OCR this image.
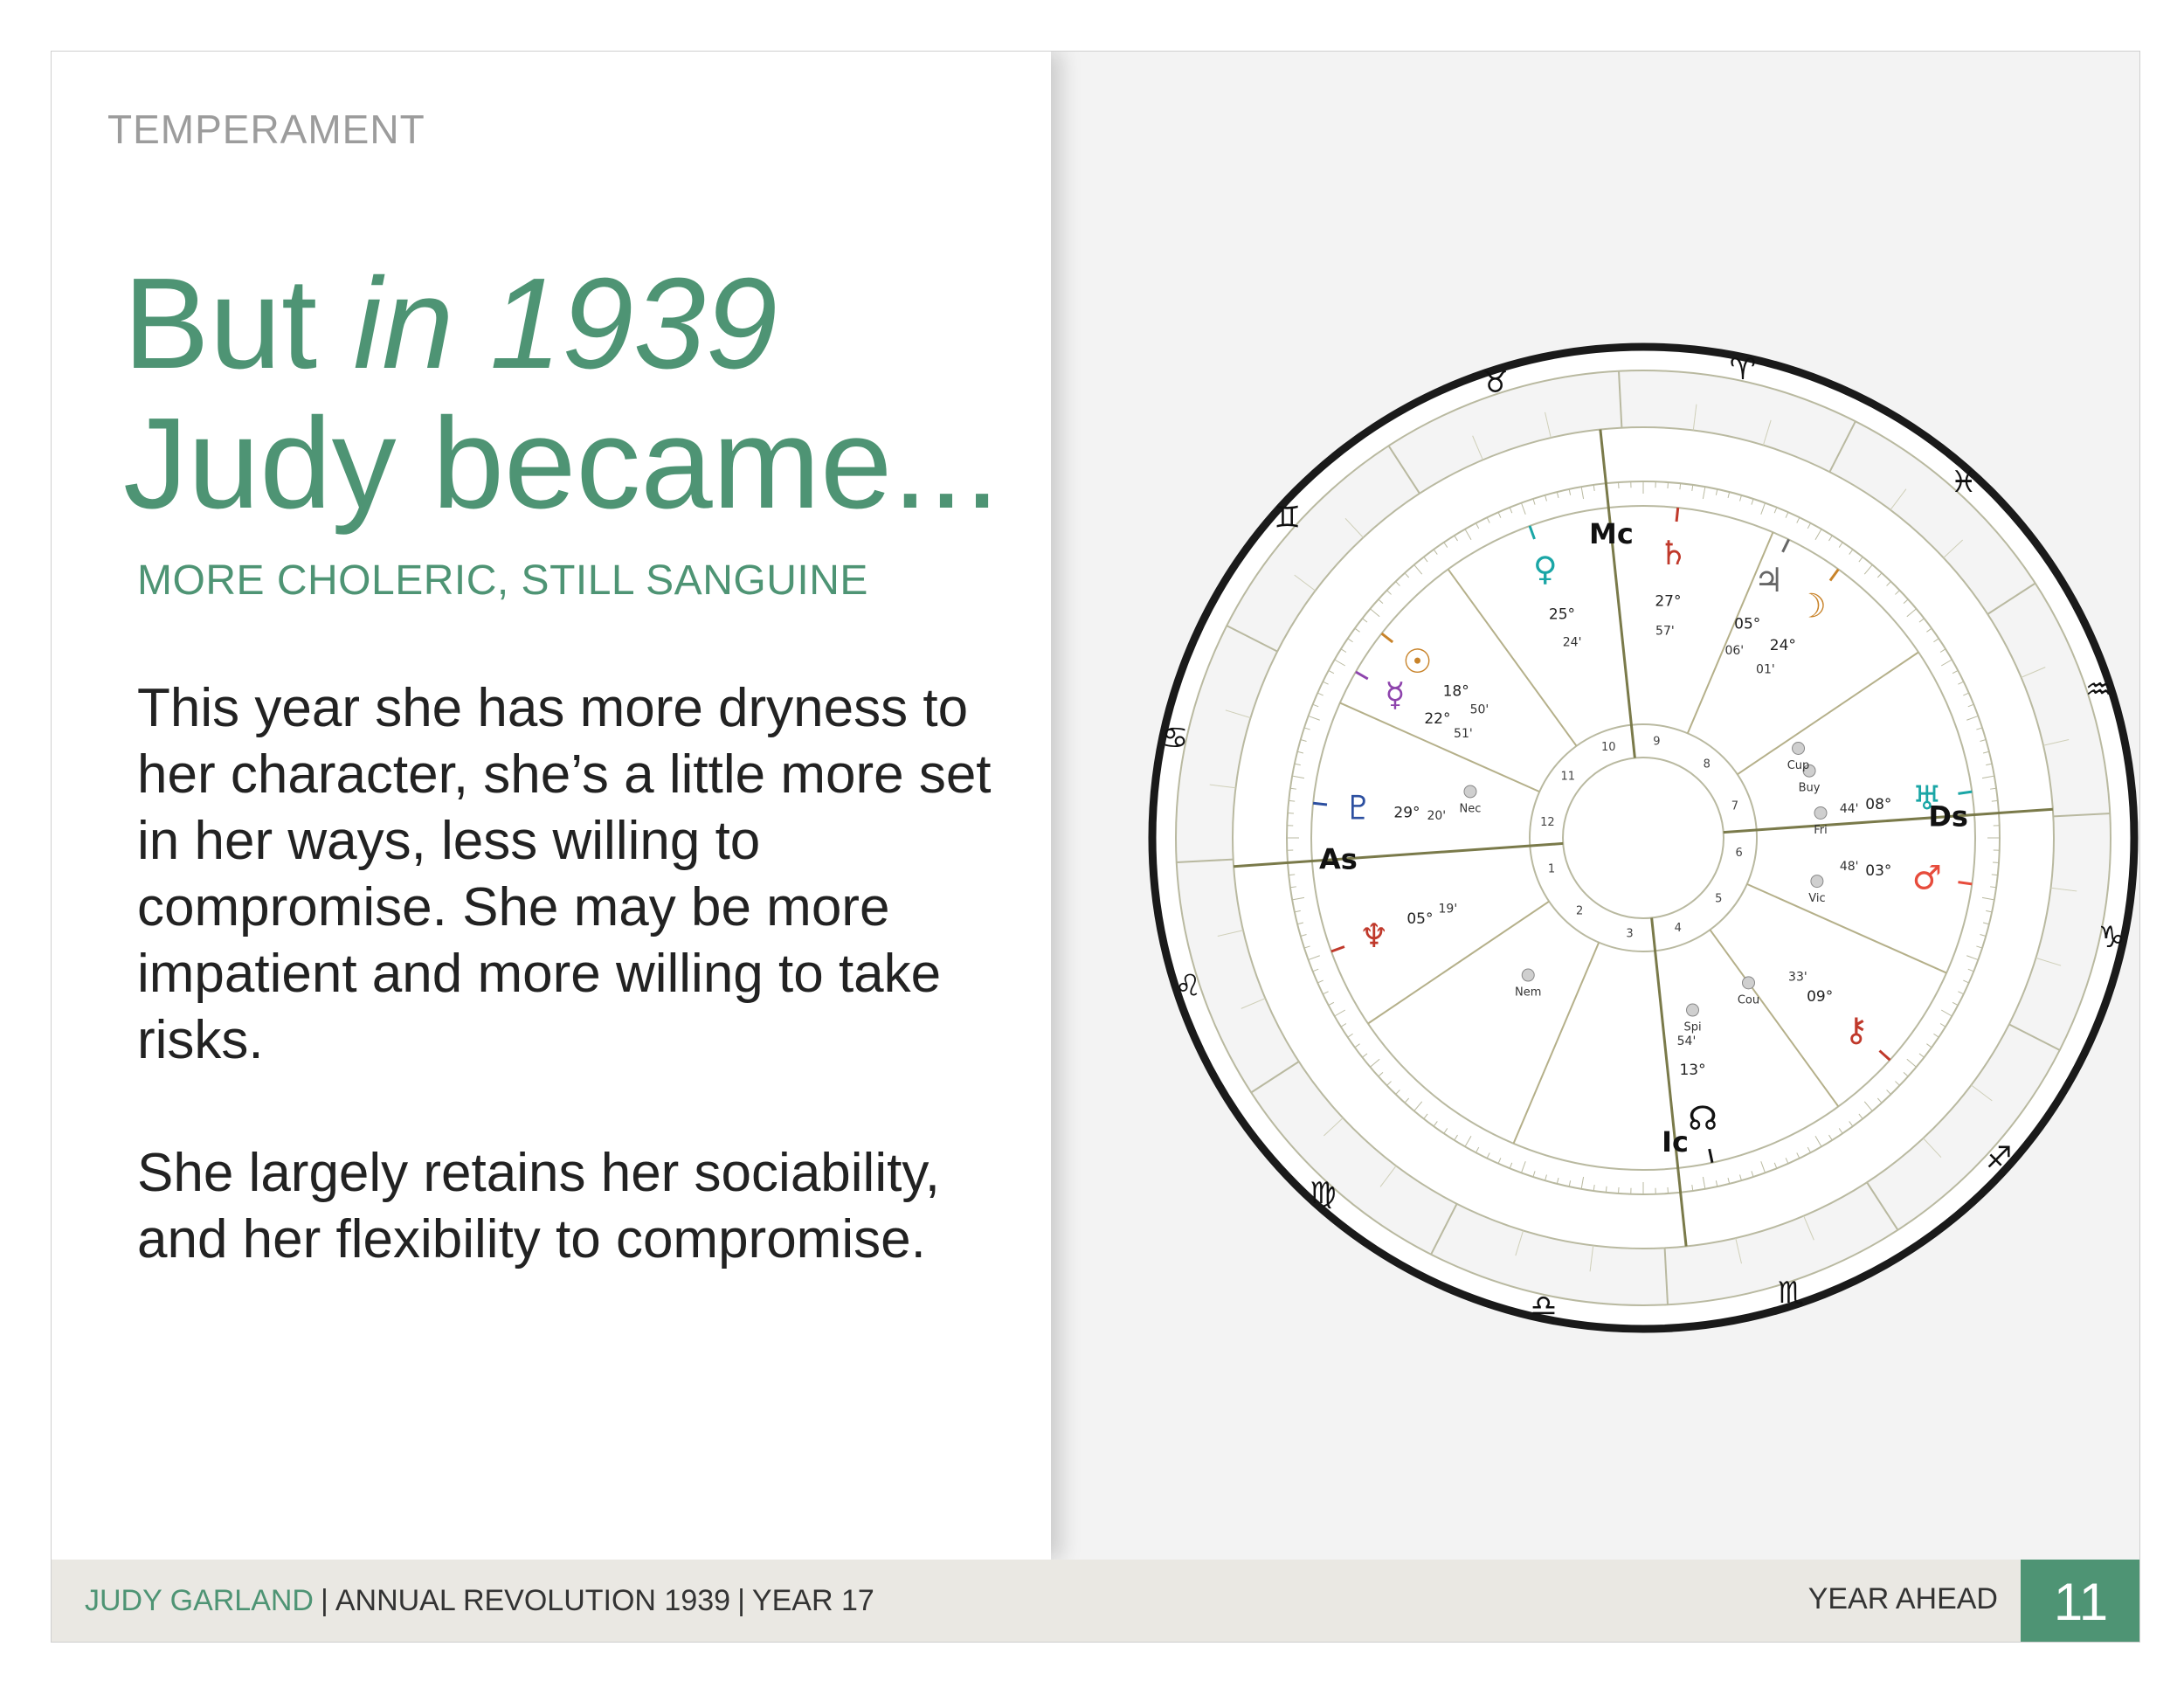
TEMPERAMENT
But in 1939
Judy became...
MORE CHOLERIC, STILL SANGUINE

This year she has more dryness to her character, she’s a little more set in her ways, less willing to compromise. She may be more impatient and more willing to take risks.

She largely retains her sociability, and her flexibility to compromise.

♈
♉
♊
♋
♌
♍
♎	♏
♐
♑
♒
♓
1
2
3	4
5
6
7
8
9
10
11
12
As
Ds
Mc
Ic
♄
27°
57'
♃
05°
06'
☽
24°
01'
☉
18°
50'
♀
25°
24'
☿
22°
51'
♂
03°
48'
♅
08°
44'
♆ 05°
19'
♇ 29° 20'
☊
13°
54'	⚷
09°
33'
Nec
Nem
Spi
Cou
Vic
Fri
Buy
Cup
JUDY GARLAND | ANNUAL REVOLUTION 1939 | YEAR 17	YEAR AHEAD	11
